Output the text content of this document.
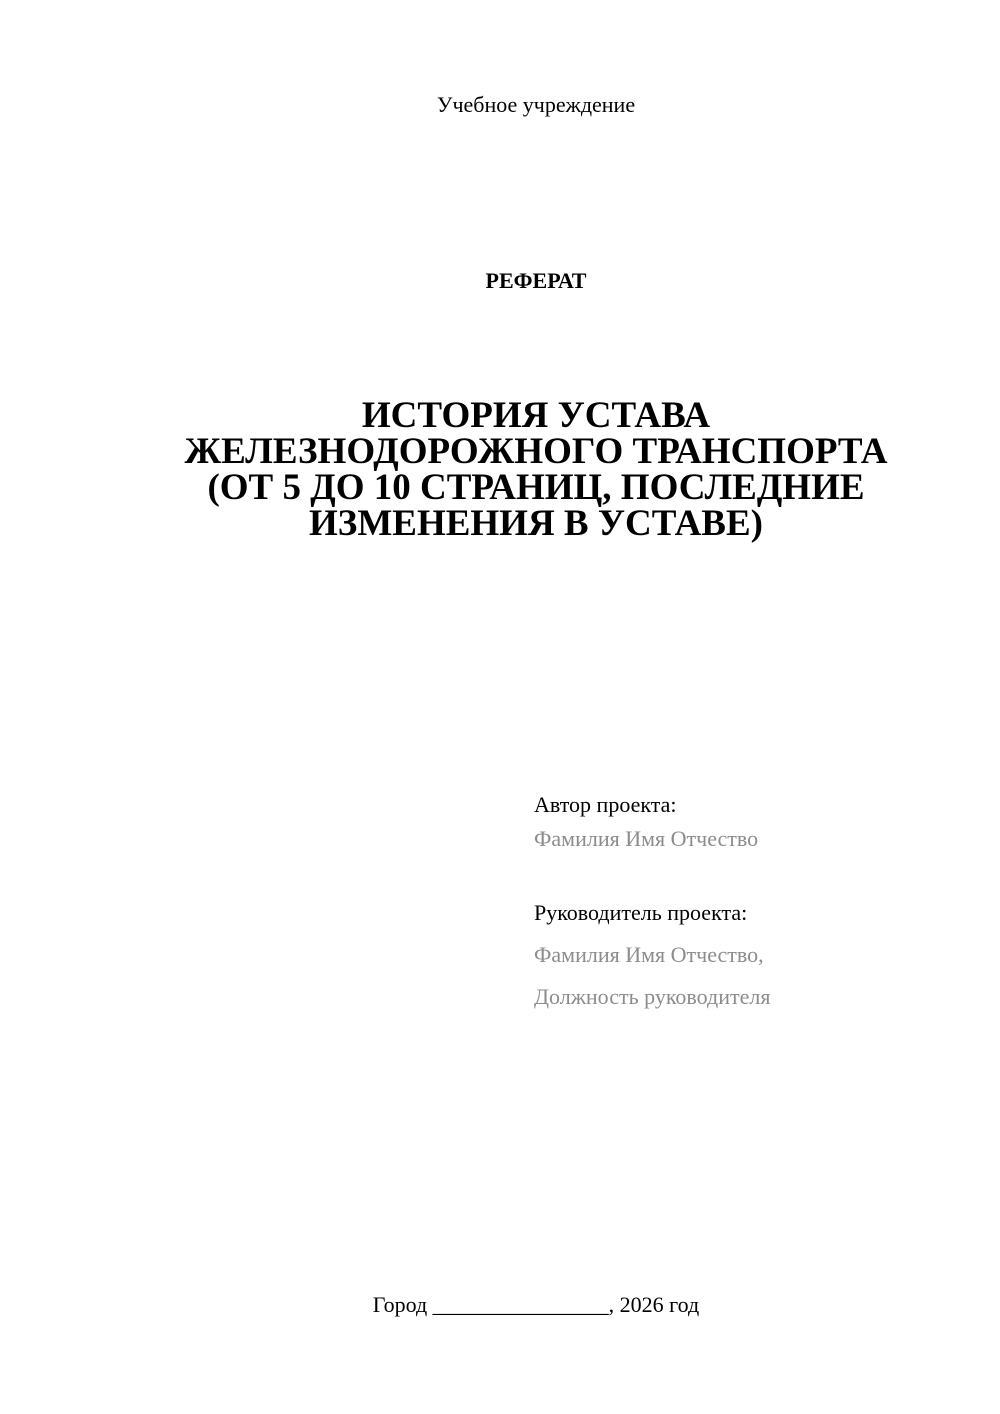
Учебное учреждение
РЕФЕРАТ
ИСТОРИЯ УСТАВА
ЖЕЛЕЗНОДОРОЖНОГО ТРАНСПОРТА
(ОТ 5 ДО 10 СТРАНИЦ, ПОСЛЕДНИЕ
ИЗМЕНЕНИЯ В УСТАВЕ)
Автор проекта:
Фамилия Имя Отчество
Руководитель проекта:
Фамилия Имя Отчество,
Должность руководителя
Город ________________, 2026 год
